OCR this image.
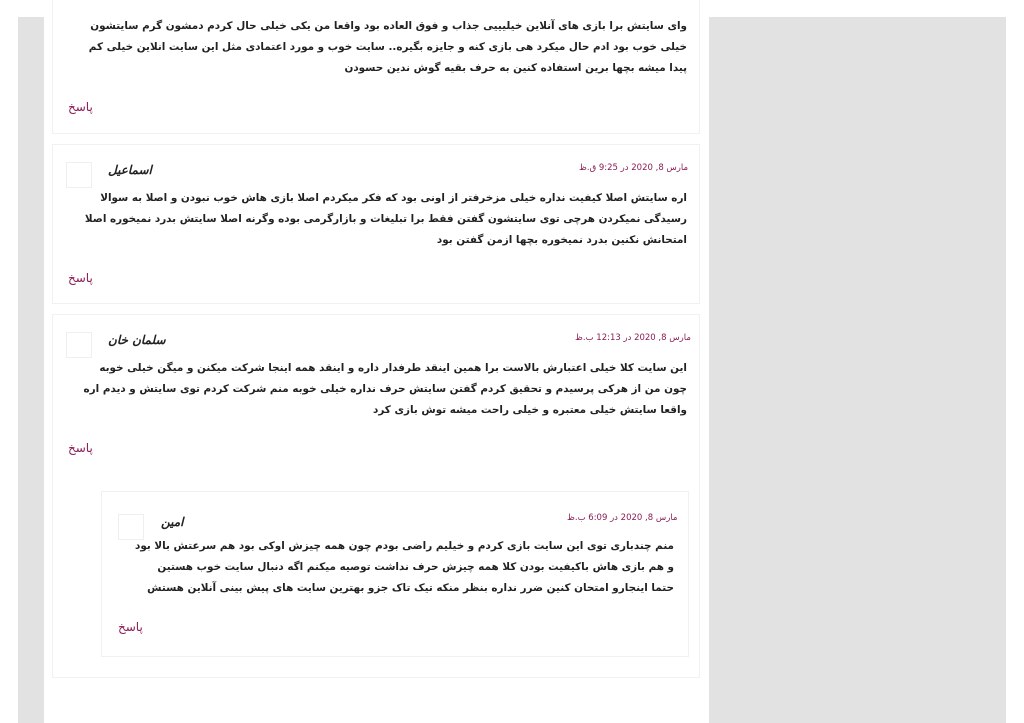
وای سایتش برا بازی های آنلاین خیلیییی جذاب و فوق العاده بود واقعا من یکی خیلی حال کردم دمشون گرم سایتشون خیلی خوب بود ادم حال میکرد هی بازی کنه و جایزه بگیره.. سایت خوب و مورد اعتمادی مثل این سایت انلاین خیلی کم پیدا میشه بچها برین استفاده کنین به حرف بقیه گوش ندین حسودن
پاسخ
اسماعیل	مارس 8, 2020 در 9:25 ق.ظ
اره سایتش اصلا کیفیت نداره خیلی مزخرفتر از اونی بود که فکر میکردم اصلا بازی هاش خوب نبودن و اصلا به سوالا رسیدگی نمیکردن هرچی توی سایتشون گفتن فقط برا تبلیغات و بازارگرمی بوده وگرنه اصلا سایتش بدرد نمیخوره اصلا امتحانش نکنین بدرد نمیخوره بچها ازمن گفتن بود
پاسخ
سلمان خان	مارس 8, 2020 در 12:13 ب.ظ
این سایت کلا خیلی اعتبارش بالاست برا همین اینقد طرفدار داره و اینقد همه اینجا شرکت میکنن و میگن خیلی خوبه چون من از هرکی پرسیدم و تحقیق کردم گفتن سایتش حرف نداره خیلی خوبه منم شرکت کردم توی سایتش و دیدم اره واقعا سایتش خیلی معتبره و خیلی راحت میشه توش بازی کرد
پاسخ
امین	مارس 8, 2020 در 6:09 ب.ظ
منم چندباری توی این سایت بازی کردم و خیلیم راضی بودم چون همه چیزش اوکی بود هم سرعتش بالا بود و هم بازی هاش باکیفیت بودن کلا همه چیزش حرف نداشت توصیه میکنم اگه دنبال سایت خوب هستین حتما اینجارو امتحان کنین ضرر نداره بنظر منکه تیک تاک جزو بهترین سایت های پیش بینی آنلاین هستش
پاسخ
